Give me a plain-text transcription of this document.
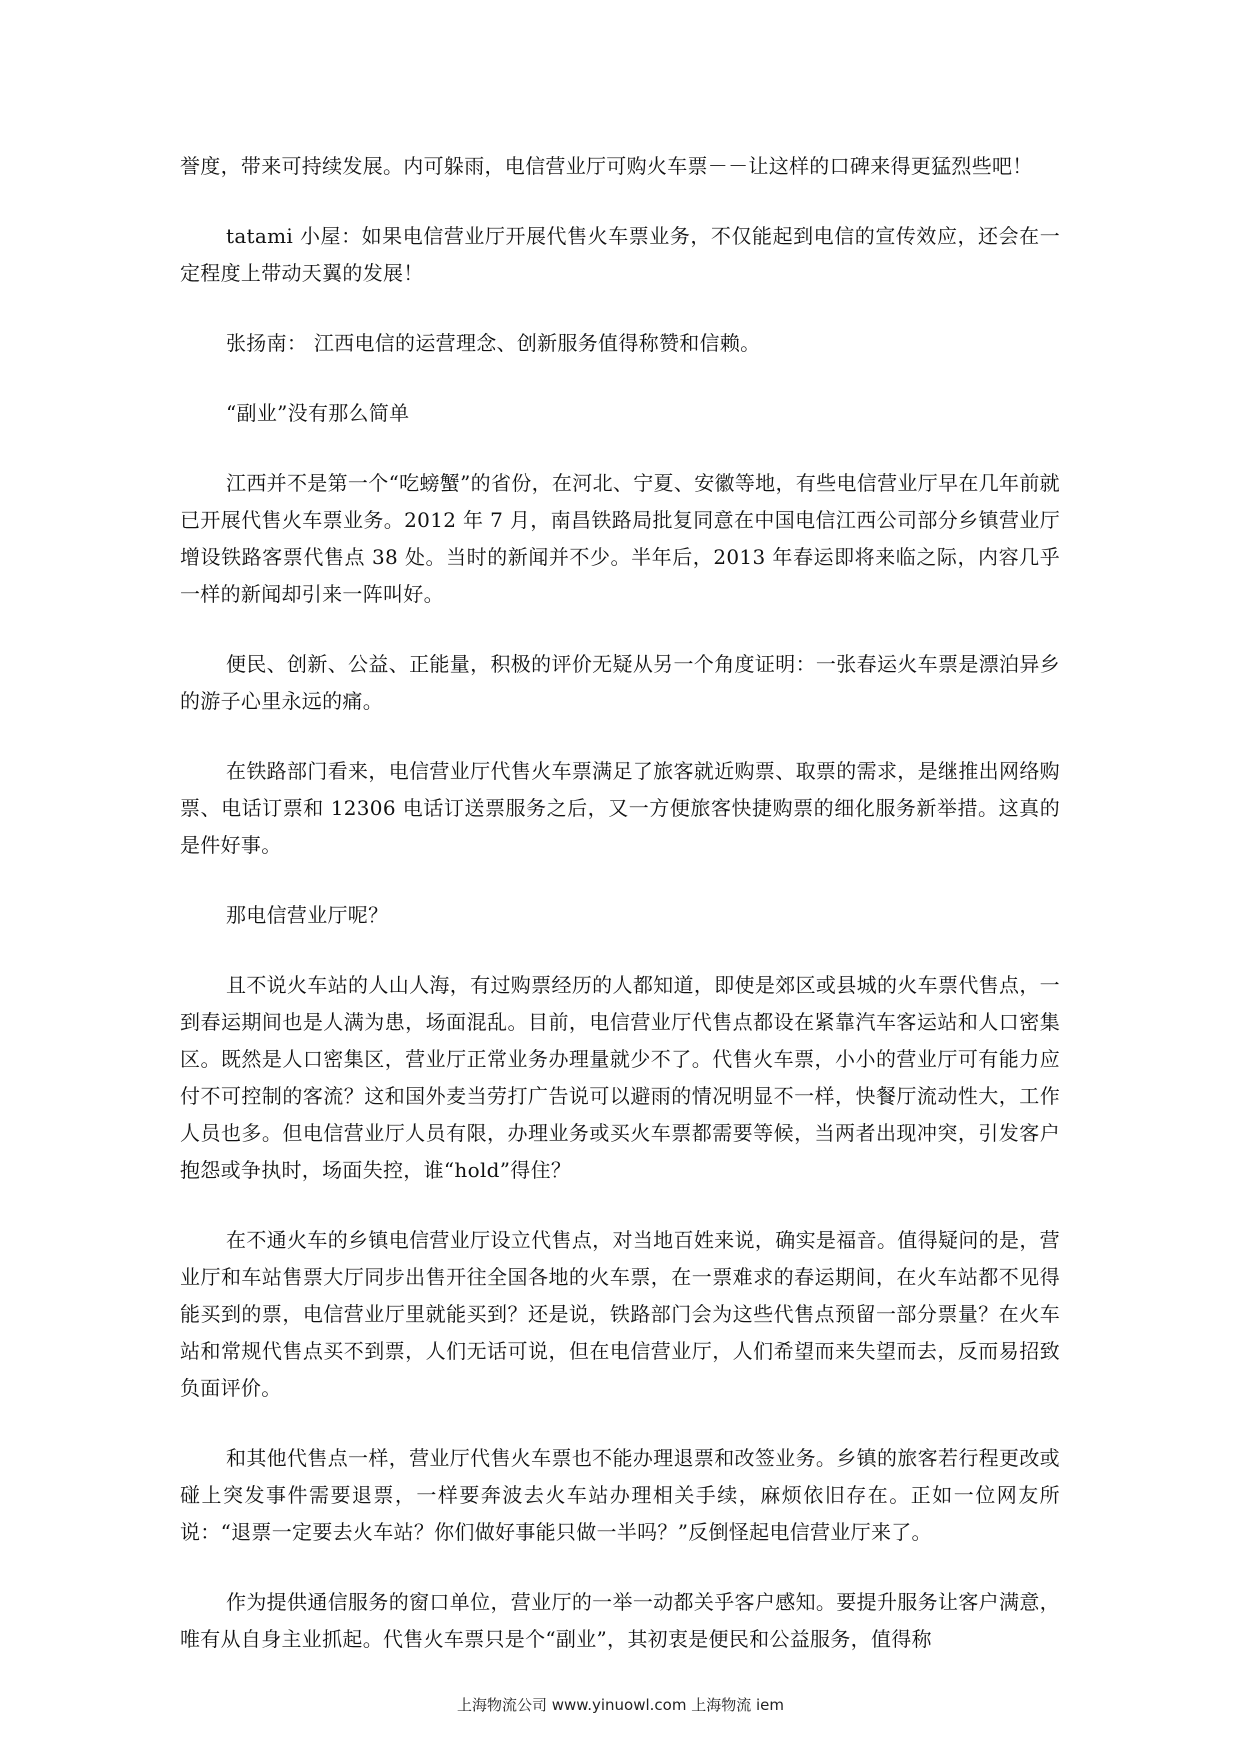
誉度，带来可持续发展。内可躲雨，电信营业厅可购火车票－－让这样的口碑来得更猛烈些吧！

tatami 小屋：如果电信营业厅开展代售火车票业务，不仅能起到电信的宣传效应，还会在一定程度上带动天翼的发展！

张扬南： 江西电信的运营理念、创新服务值得称赞和信赖。

“副业”没有那么简单

江西并不是第一个“吃螃蟹”的省份，在河北、宁夏、安徽等地，有些电信营业厅早在几年前就已开展代售火车票业务。2012 年 7 月，南昌铁路局批复同意在中国电信江西公司部分乡镇营业厅增设铁路客票代售点 38 处。当时的新闻并不少。半年后，2013 年春运即将来临之际，内容几乎一样的新闻却引来一阵叫好。

便民、创新、公益、正能量，积极的评价无疑从另一个角度证明：一张春运火车票是漂泊异乡的游子心里永远的痛。

在铁路部门看来，电信营业厅代售火车票满足了旅客就近购票、取票的需求，是继推出网络购票、电话订票和 12306 电话订送票服务之后，又一方便旅客快捷购票的细化服务新举措。这真的是件好事。

那电信营业厅呢？

且不说火车站的人山人海，有过购票经历的人都知道，即使是郊区或县城的火车票代售点，一到春运期间也是人满为患，场面混乱。目前，电信营业厅代售点都设在紧靠汽车客运站和人口密集区。既然是人口密集区，营业厅正常业务办理量就少不了。代售火车票，小小的营业厅可有能力应付不可控制的客流？这和国外麦当劳打广告说可以避雨的情况明显不一样，快餐厅流动性大，工作人员也多。但电信营业厅人员有限，办理业务或买火车票都需要等候，当两者出现冲突，引发客户抱怨或争执时，场面失控，谁“hold”得住？

在不通火车的乡镇电信营业厅设立代售点，对当地百姓来说，确实是福音。值得疑问的是，营业厅和车站售票大厅同步出售开往全国各地的火车票，在一票难求的春运期间，在火车站都不见得能买到的票，电信营业厅里就能买到？还是说，铁路部门会为这些代售点预留一部分票量？在火车站和常规代售点买不到票，人们无话可说，但在电信营业厅，人们希望而来失望而去，反而易招致负面评价。

和其他代售点一样，营业厅代售火车票也不能办理退票和改签业务。乡镇的旅客若行程更改或碰上突发事件需要退票，一样要奔波去火车站办理相关手续，麻烦依旧存在。正如一位网友所说：“退票一定要去火车站？你们做好事能只做一半吗？”反倒怪起电信营业厅来了。

作为提供通信服务的窗口单位，营业厅的一举一动都关乎客户感知。要提升服务让客户满意，唯有从自身主业抓起。代售火车票只是个“副业”，其初衷是便民和公益服务，值得称

上海物流公司 www.yinuowl.com 上海物流 iem
